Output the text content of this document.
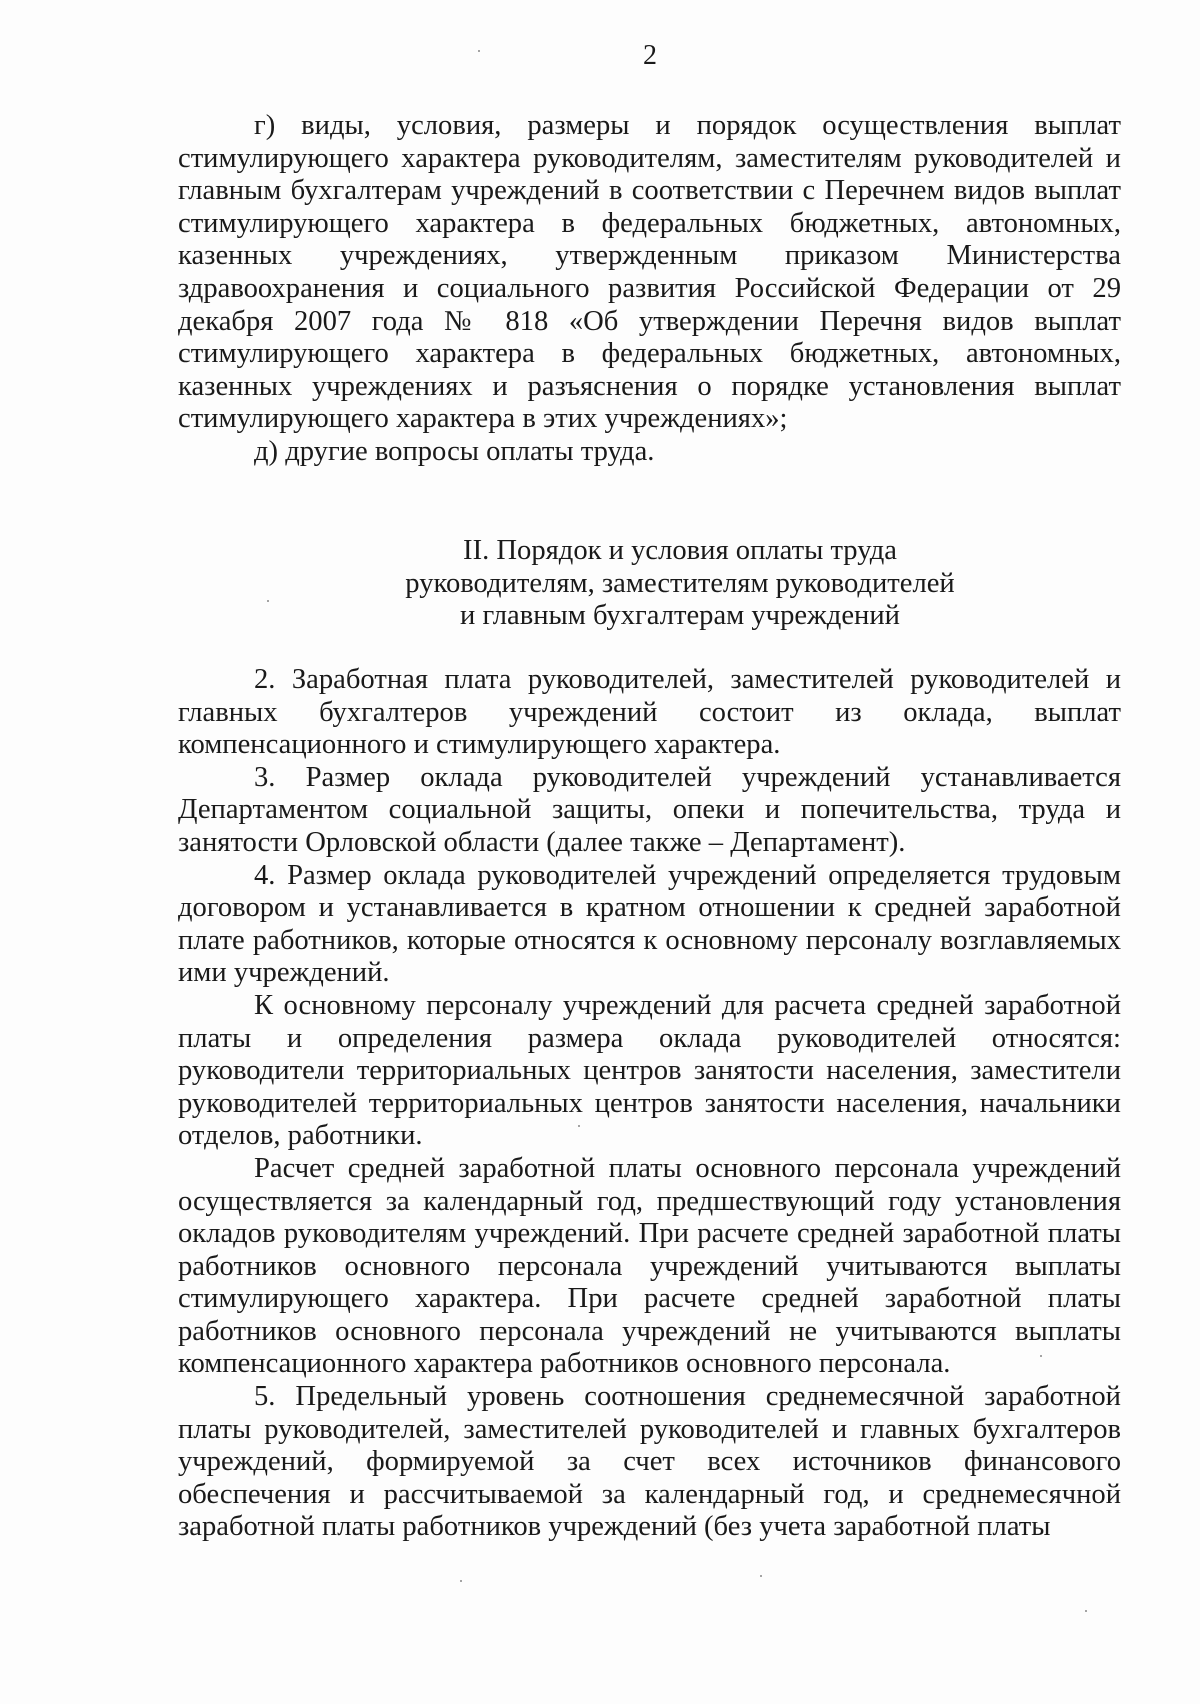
2

г) виды, условия, размеры и порядок осуществления выплат стимулирующего характера руководителям, заместителям руководителей и главным бухгалтерам учреждений в соответствии с Перечнем видов выплат стимулирующего характера в федеральных бюджетных, автономных, казенных учреждениях, утвержденным приказом Министерства здравоохранения и социального развития Российской Федерации от 29 декабря 2007 года № 818 «Об утверждении Перечня видов выплат стимулирующего характера в федеральных бюджетных, автономных, казенных учреждениях и разъяснения о порядке установления выплат стимулирующего характера в этих учреждениях»;

д) другие вопросы оплаты труда.

II. Порядок и условия оплаты труда
руководителям, заместителям руководителей
и главным бухгалтерам учреждений

2. Заработная плата руководителей, заместителей руководителей и главных бухгалтеров учреждений состоит из оклада, выплат компенсационного и стимулирующего характера.

3. Размер оклада руководителей учреждений устанавливается Департаментом социальной защиты, опеки и попечительства, труда и занятости Орловской области (далее также – Департамент).

4. Размер оклада руководителей учреждений определяется трудовым договором и устанавливается в кратном отношении к средней заработной плате работников, которые относятся к основному персоналу возглавляемых ими учреждений.

К основному персоналу учреждений для расчета средней заработной платы и определения размера оклада руководителей относятся: руководители территориальных центров занятости населения, заместители руководителей территориальных центров занятости населения, начальники отделов, работники.

Расчет средней заработной платы основного персонала учреждений осуществляется за календарный год, предшествующий году установления окладов руководителям учреждений. При расчете средней заработной платы работников основного персонала учреждений учитываются выплаты стимулирующего характера. При расчете средней заработной платы работников основного персонала учреждений не учитываются выплаты компенсационного характера работников основного персонала.

5. Предельный уровень соотношения среднемесячной заработной платы руководителей, заместителей руководителей и главных бухгалтеров учреждений, формируемой за счет всех источников финансового обеспечения и рассчитываемой за календарный год, и среднемесячной заработной платы работников учреждений (без учета заработной платы
